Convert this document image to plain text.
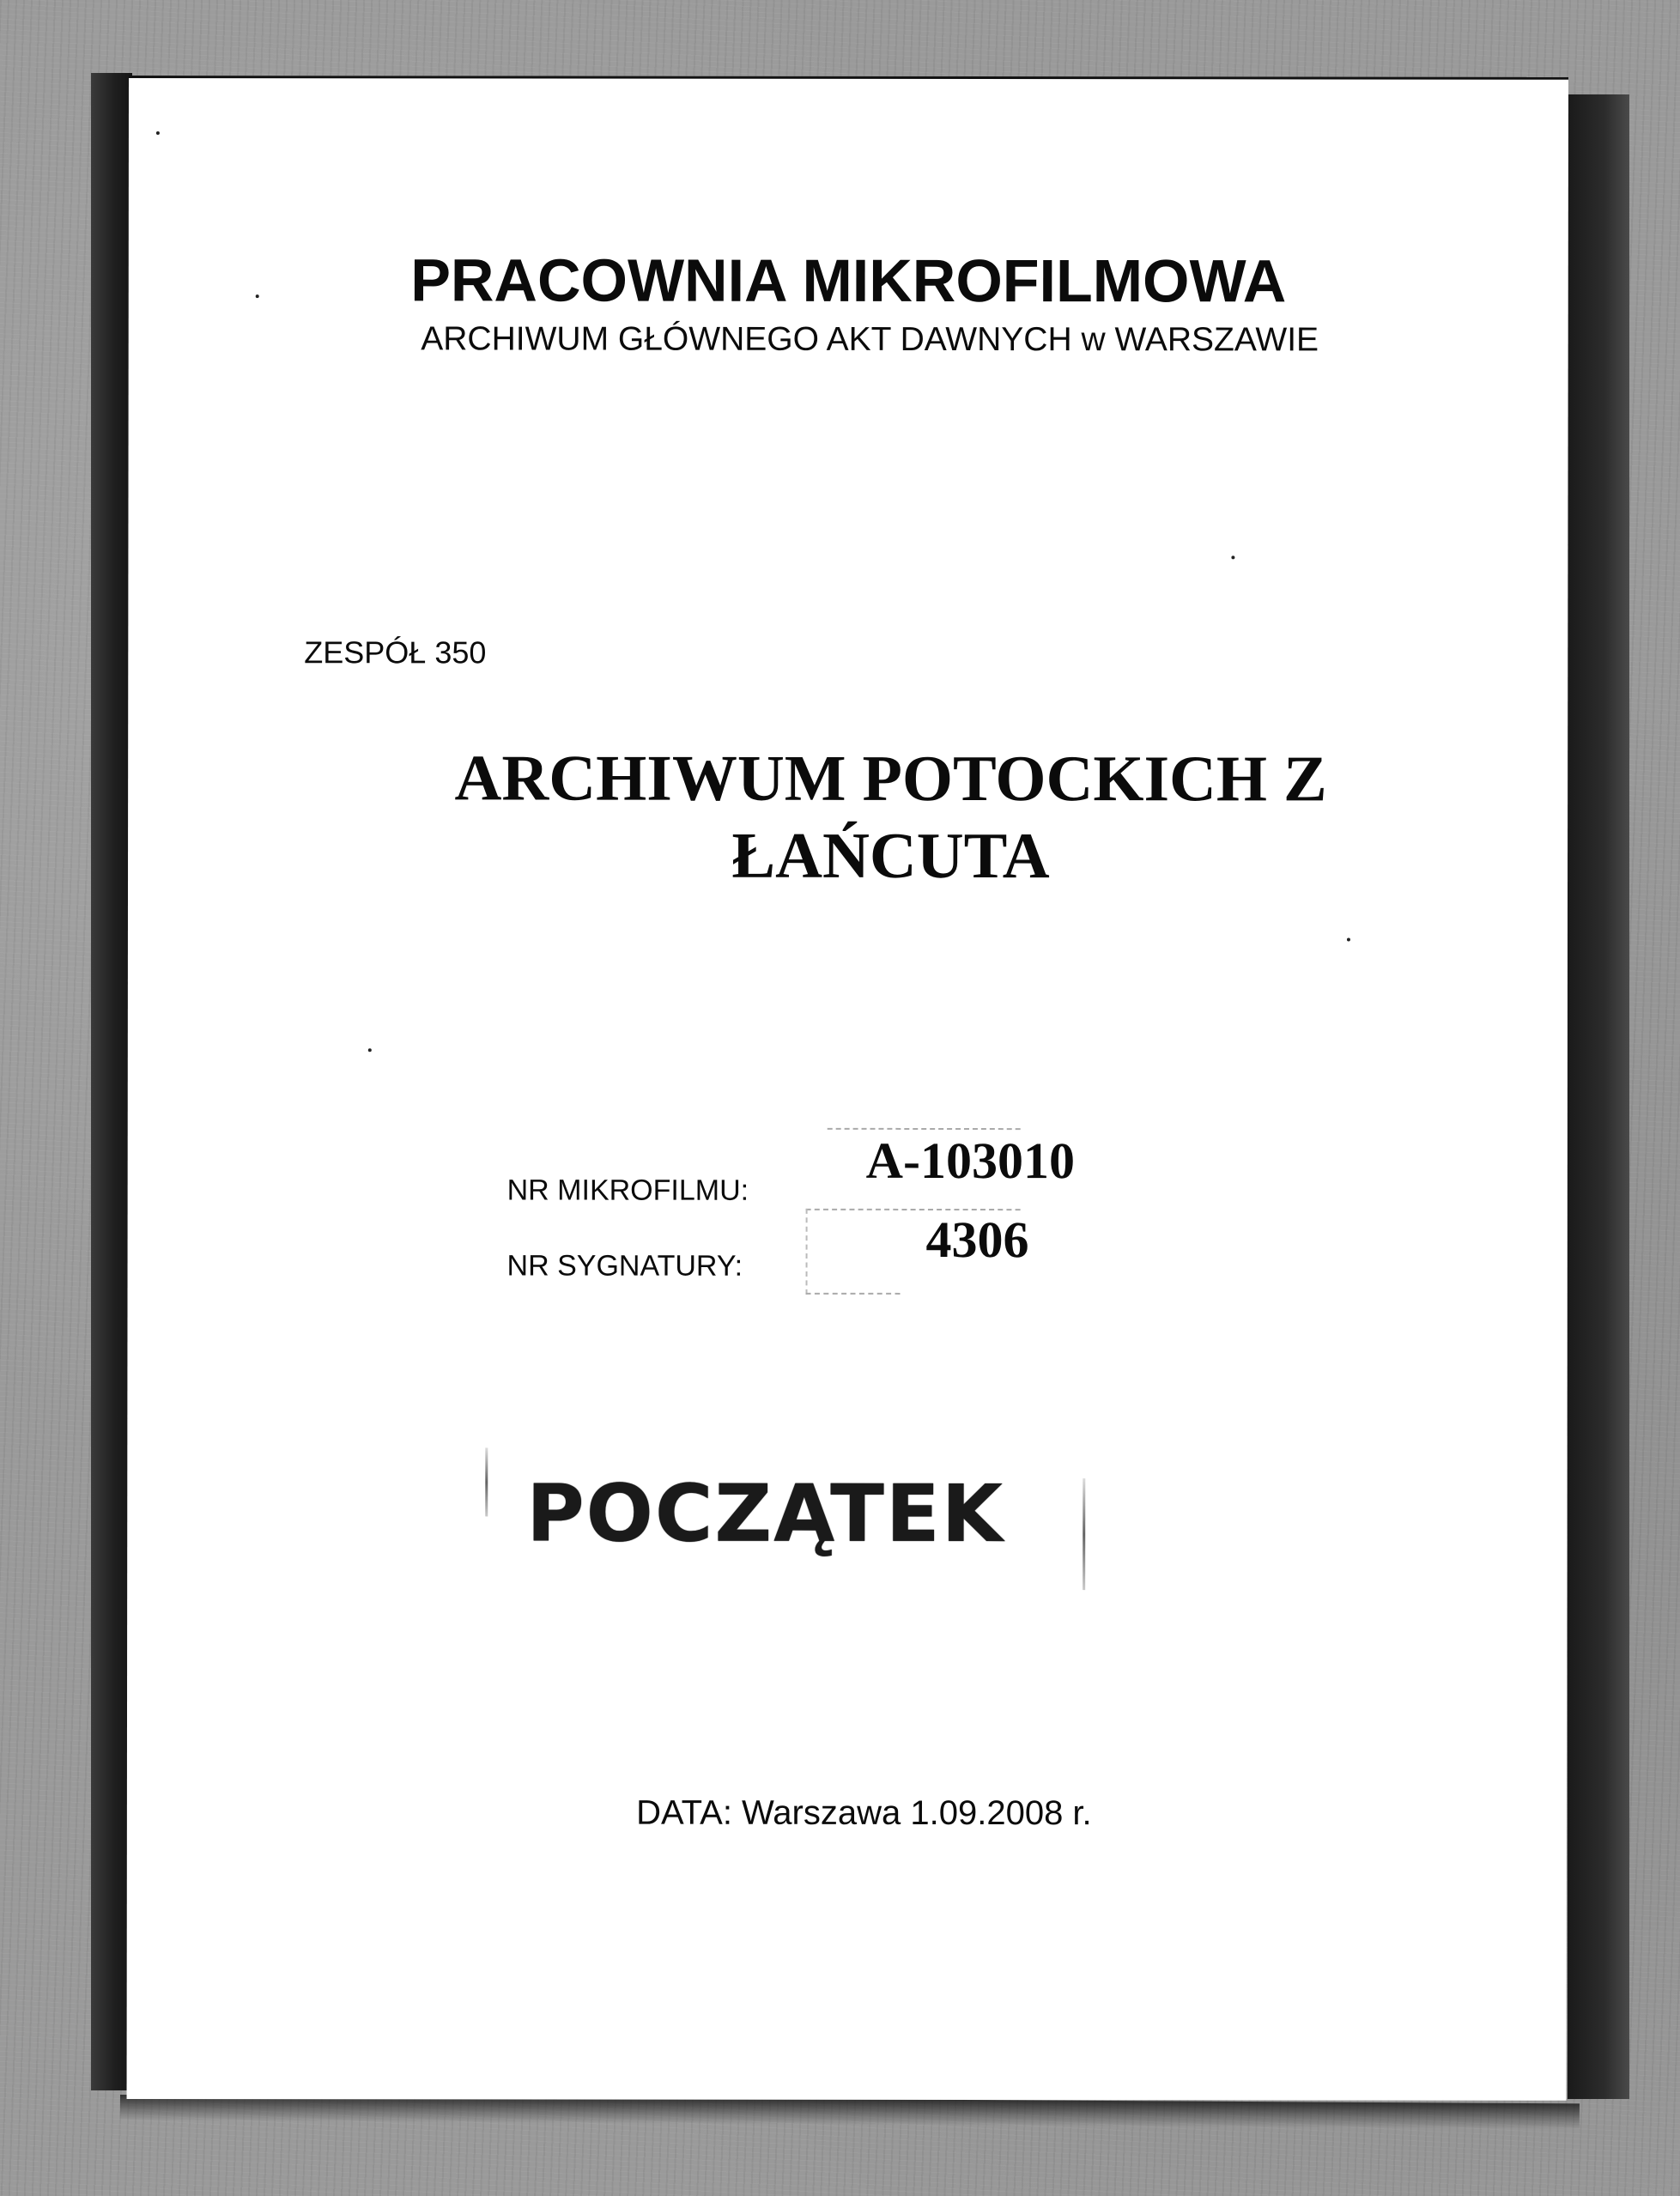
PRACOWNIA MIKROFILMOWA
ARCHIWUM GŁÓWNEGO AKT DAWNYCH w WARSZAWIE
ZESPÓŁ 350
ARCHIWUM POTOCKICH Z
ŁAŃCUTA
NR MIKROFILMU:
A-103010
NR SYGNATURY:	4306
POCZĄTEK
DATA: Warszawa 1.09.2008 r.
